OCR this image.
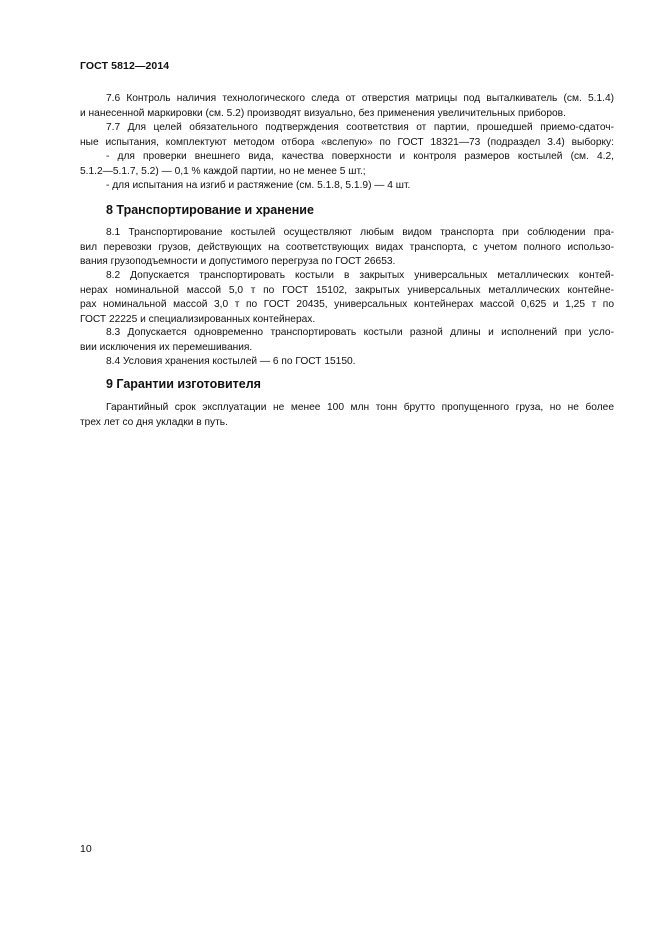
ГОСТ 5812—2014
7.6 Контроль наличия технологического следа от отверстия матрицы под выталкиватель (см. 5.1.4)
и нанесенной маркировки (см. 5.2) производят визуально, без применения увеличительных приборов.
7.7 Для целей обязательного подтверждения соответствия от партии, прошедшей приемо-сдаточ-
ные испытания, комплектуют методом отбора «вслепую» по ГОСТ 18321—73 (подраздел 3.4) выборку:
- для проверки внешнего вида, качества поверхности и контроля размеров костылей (см. 4.2,
5.1.2—5.1.7, 5.2) — 0,1 % каждой партии, но не менее 5 шт.;
- для испытания на изгиб и растяжение (см. 5.1.8, 5.1.9) — 4 шт.
8 Транспортирование и хранение
8.1 Транспортирование костылей осуществляют любым видом транспорта при соблюдении пра-
вил перевозки грузов, действующих на соответствующих видах транспорта, с учетом полного использо-
вания грузоподъемности и допустимого перегруза по ГОСТ 26653.
8.2 Допускается транспортировать костыли в закрытых универсальных металлических контей-
нерах номинальной массой 5,0 т по ГОСТ 15102, закрытых универсальных металлических контейне-
рах номинальной массой 3,0 т по ГОСТ 20435, универсальных контейнерах массой 0,625 и 1,25 т по
ГОСТ 22225 и специализированных контейнерах.
8.3 Допускается одновременно транспортировать костыли разной длины и исполнений при усло-
вии исключения их перемешивания.
8.4 Условия хранения костылей — 6 по ГОСТ 15150.
9 Гарантии изготовителя
Гарантийный срок эксплуатации не менее 100 млн тонн брутто пропущенного груза, но не более
трех лет со дня укладки в путь.
10
